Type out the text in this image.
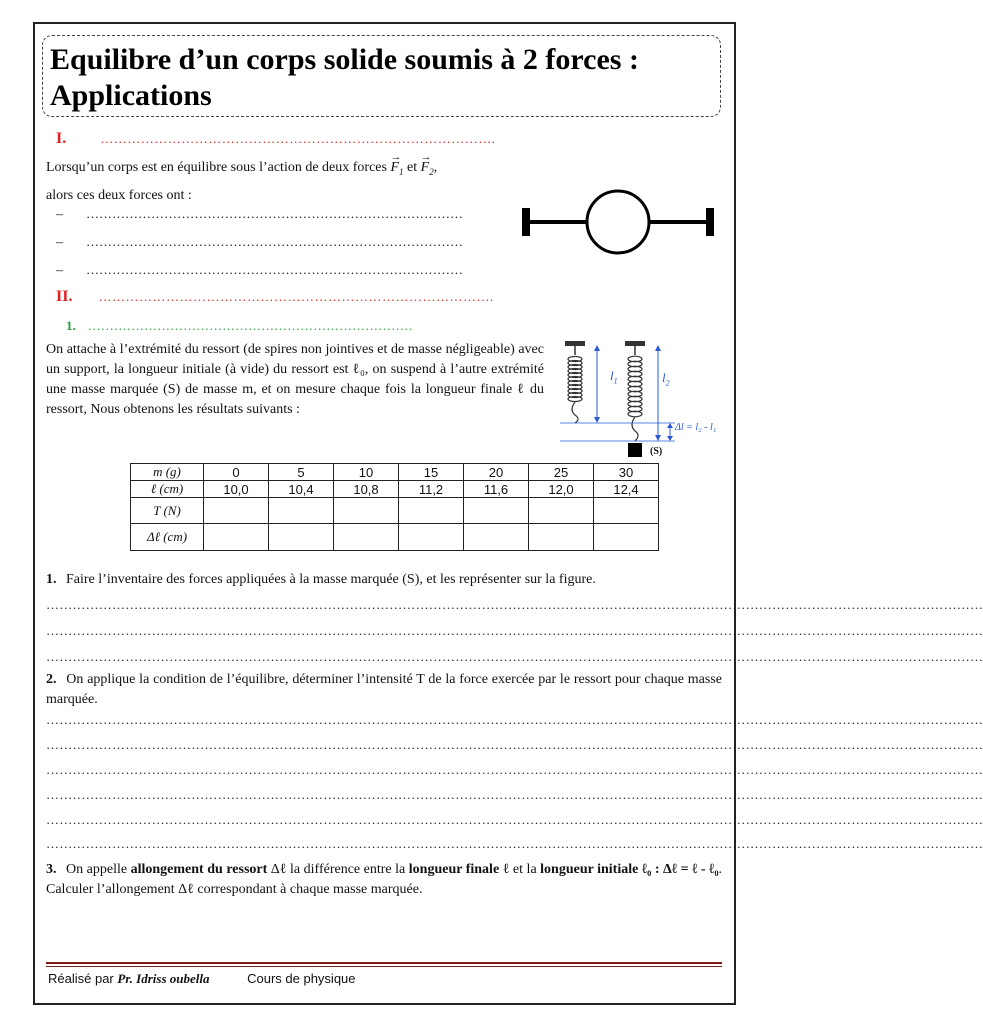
Equilibre d’un corps solide soumis à 2 forces : Applications
I.	…………………………………………………………………………….
Lorsqu’un corps est en équilibre sous l’action de deux forces → $F_1$ et → $F_2$,
alors ces deux forces ont :
– ……………………………………………………………………………
– ……………………………………………………………………………
– ……………………………………………………………………………
II. …………………………………………………………………………….
1. …………………………………………………………………
On attache à l’extrémité du ressort (de spires non jointives et de masse négligeable) avec un support, la longueur initiale (à vide) du ressort est ℓ₀, on suspend à l’autre extrémité une masse marquée (S) de masse m, et on mesure chaque fois la longueur finale ℓ du ressort, Nous obtenons les résultats suivants :
$l_1$	$l_2$
Δl = l₂ - l₁
(S)
m (g)	0	5	10	15	20	25	30
ℓ (cm)	10,0	10,4	10,8	11,2	11,6	12,0	12,4
T (N)							
Δℓ (cm)							
1. Faire l’inventaire des forces appliquées à la masse marquée (S), et les représenter sur la figure.
……………………………………………………………………………………………………………………………………………………………………………………………
……………………………………………………………………………………………………………………………………………………………………………………………
……………………………………………………………………………………………………………………………………………………………………………………………
2. On applique la condition de l’équilibre, déterminer l’intensité T de la force exercée par le ressort pour chaque masse marquée.
……………………………………………………………………………………………………………………………………………………………………………………………
……………………………………………………………………………………………………………………………………………………………………………………………
……………………………………………………………………………………………………………………………………………………………………………………………
……………………………………………………………………………………………………………………………………………………………………………………………
……………………………………………………………………………………………………………………………………………………………………………………………
……………………………………………………………………………………………………………………………………………………………………………………………
3. On appelle allongement du ressort Δℓ la différence entre la longueur finale ℓ et la longueur initiale ℓ₀ : Δℓ = ℓ - ℓ₀. Calculer l’allongement Δℓ correspondant à chaque masse marquée.
Réalisé par Pr. Idriss oubella	Cours de physique
